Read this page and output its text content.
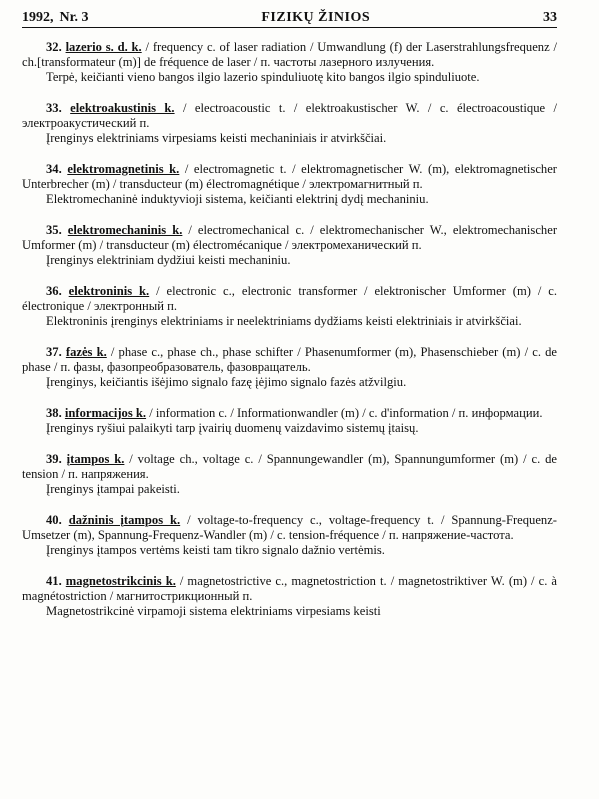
1992, Nr. 3	FIZIKŲ ŽINIOS	33

32. lazerio s. d. k. / frequency c. of laser radiation / Umwandlung (f) der Laserstrahlungsfrequenz / ch.[transformateur (m)] de fréquence de laser / п. частоты лазерного излучения.

Terpė, keičianti vieno bangos ilgio lazerio spinduliuotę kito bangos ilgio spinduliuote.

33. elektroakustinis k. / electroacoustic t. / elektroakustischer W. / c. électroacoustique / электроакустический п.

Įrenginys elektriniams virpesiams keisti mechaniniais ir atvirkščiai.

34. elektromagnetinis k. / electromagnetic t. / elektromagnetischer W. (m), elektromagnetischer Unterbrecher (m) / transducteur (m) électromagnétique / электромагнитный п.

Elektromechaninė induktyvioji sistema, keičianti elektrinį dydį mechaniniu.

35. elektromechaninis k. / electromechanical c. / elektromechanischer W., elektromechanischer Umformer (m) / transducteur (m) électromécanique / электромеханический п.

Įrenginys elektriniam dydžiui keisti mechaniniu.

36. elektroninis k. / electronic c., electronic transformer / elektronischer Umformer (m) / c. électronique / электронный п.

Elektroninis įrenginys elektriniams ir neelektriniams dydžiams keisti elektriniais ir atvirkščiai.

37. fazės k. / phase c., phase ch., phase schifter / Phasenumformer (m), Phasenschieber (m) / c. de phase / п. фазы, фазопреобразователь, фазовращатель.

Įrenginys, keičiantis išėjimo signalo fazę įėjimo signalo fazės atžvilgiu.

38. informacijos k. / information c. / Informationwandler (m) / c. d'information / п. информации.

Įrenginys ryšiui palaikyti tarp įvairių duomenų vaizdavimo sistemų įtaisų.

39. įtampos k. / voltage ch., voltage c. / Spannungewandler (m), Spannungumformer (m) / c. de tension / п. напряжения.

Įrenginys įtampai pakeisti.

40. dažninis įtampos k. / voltage-to-frequency c., voltage-frequency t. / Spannung-Frequenz-Umsetzer (m), Spannung-Frequenz-Wandler (m) / c. tension-fréquence / п. напряжение-частота.

Įrenginys įtampos vertėms keisti tam tikro signalo dažnio vertėmis.

41. magnetostrikcinis k. / magnetostrictive c., magnetostriction t. / magnetostriktiver W. (m) / c. à magnétostriction / магнитострикционный п.

Magnetostrikcinė virpamoji sistema elektriniams virpesiams keisti
